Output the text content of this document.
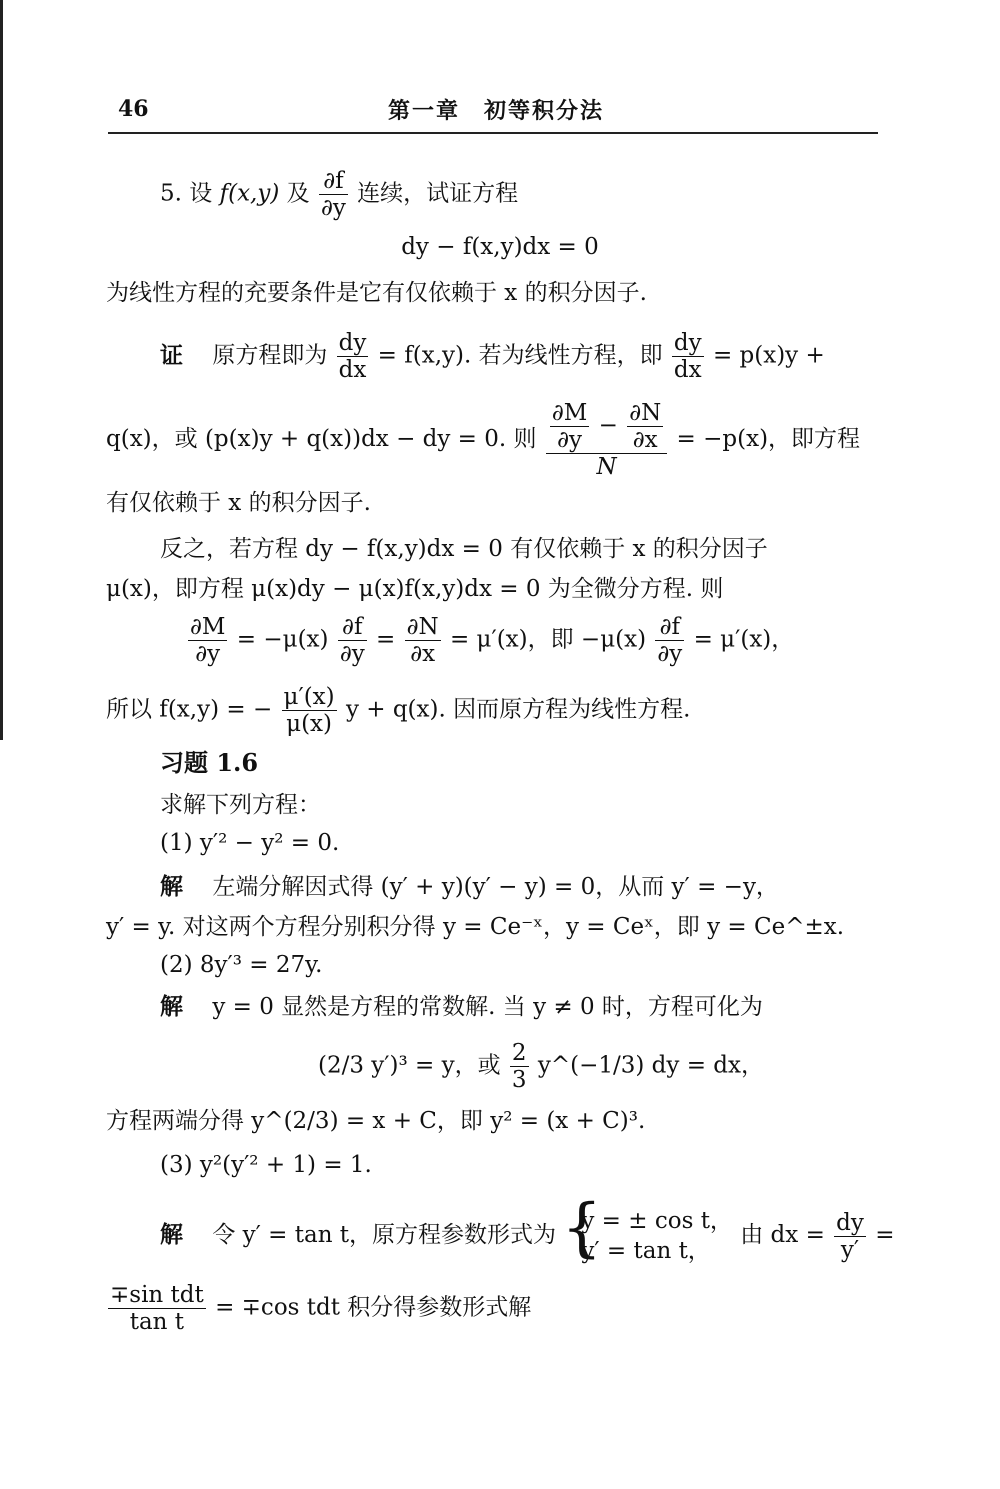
46	第一章　初等积分法
5. 设 f(x,y) 及 $\frac{\partial f}{\partial y}$ 连续，试证方程
dy − f(x,y)dx = 0
为线性方程的充要条件是它有仅依赖于 x 的积分因子.
证 原方程即为 $\frac{dy}{dx} = f(x,y)$. 若为线性方程，即 $\frac{dy}{dx} = p(x)y$ +
q(x)，或 (p(x)y + q(x))dx − dy = 0. 则 $\frac{\partial M}{\partial y} - \frac{\partial N}{\partial x}$
N
= −p(x)，即方程
有仅依赖于 x 的积分因子.
反之，若方程 dy − f(x,y)dx = 0 有仅依赖于 x 的积分因子
μ(x)，即方程 μ(x)dy − μ(x)f(x,y)dx = 0 为全微分方程. 则
$\frac{\partial M}{\partial y} = -\mu(x) \frac{\partial f}{\partial y} = \frac{\partial N}{\partial x} = \mu'(x)$，即 $-\mu(x) \frac{\partial f}{\partial y} = \mu'(x)$，
所以 f(x,y) = − $\frac{\mu'(x)}{\mu(x)}$ y + q(x). 因而原方程为线性方程.
习题 1.6
求解下列方程：
(1) y′² − y² = 0.
解 左端分解因式得 (y′ + y)(y′ − y) = 0，从而 y′ = −y，
y′ = y. 对这两个方程分别积分得 y = Ce⁻ˣ，y = Ceˣ，即 y = Ce^±x.
(2) 8y′³ = 27y.
解 y = 0 显然是方程的常数解. 当 y ≠ 0 时，方程可化为
(2/3 y′)³ = y，或 $\frac{2}{3}$ y^(−1/3) dy = dx，
方程两端分得 y^(2/3) = x + C，即 y² = (x + C)³.
(3) y²(y′² + 1) = 1.
解 令 y′ = tan t，原方程参数形式为
{ y = ± cos t，
y′ = tan t，
由 dx = $\frac{dy}{y'}$ =
$\frac{\text{∓sin tdt}}{\text{tan t}} = \mp\cos$ tdt 积分得参数形式解
